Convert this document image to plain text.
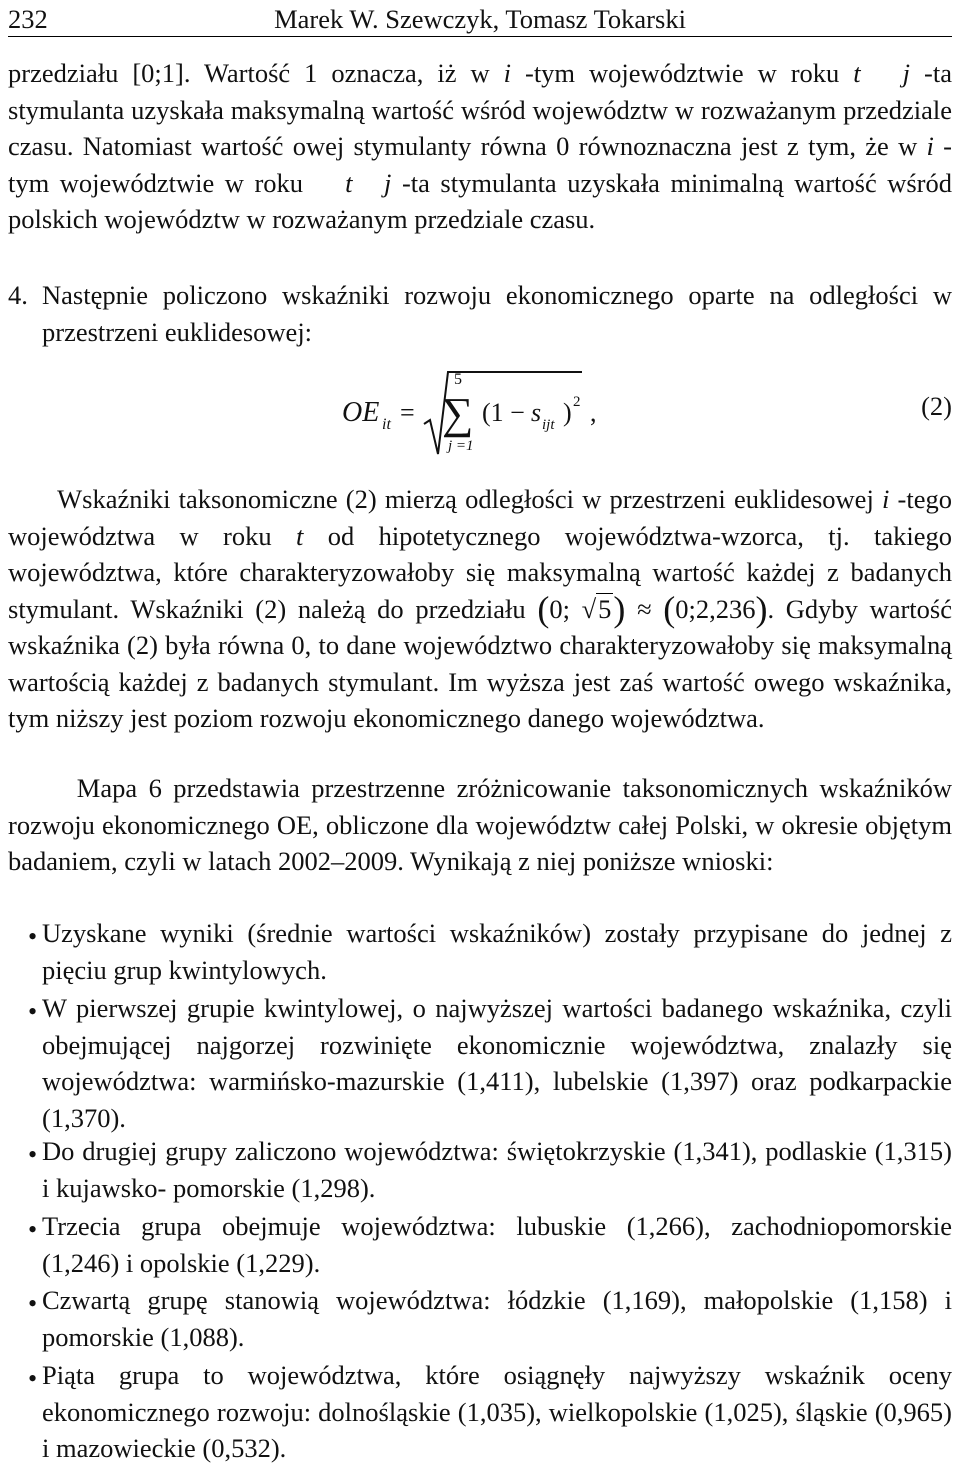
232	Marek W. Szewczyk, Tomasz Tokarski
przedziału [0;1]. Wartość 1 oznacza, iż w i -tym województwie w roku t j -ta stymulanta uzyskała maksymalną wartość wśród województw w rozważanym przedziale czasu. Natomiast wartość owej stymulanty równa 0 równoznaczna jest z tym, że w i -tym województwie w roku    t j -ta stymulanta uzyskała minimalną wartość wśród polskich województw w rozważanym przedziale czasu.
4. Następnie policzono wskaźniki rozwoju ekonomicznego oparte na odległości w przestrzeni euklidesowej:
OE it =
5
∑
j =1
(1 − s ijt ) 2 ,	(2)
Wskaźniki taksonomiczne (2) mierzą odległości w przestrzeni euklidesowej i -tego województwa w roku t od hipotetycznego województwa-wzorca, tj. takiego województwa, które charakteryzowałoby się maksymalną wartość każdej z badanych stymulant. Wskaźniki (2) należą do przedziału (0; √5) ≈ (0;2,236). Gdyby wartość wskaźnika (2) była równa 0, to dane województwo charakteryzowałoby się maksymalną wartością każdej z badanych stymulant. Im wyższa jest zaś wartość owego wskaźnika, tym niższy jest poziom rozwoju ekonomicznego danego województwa.
Mapa 6 przedstawia przestrzenne zróżnicowanie taksonomicznych wskaźników rozwoju ekonomicznego OE, obliczone dla województw całej Polski, w okresie objętym badaniem, czyli w latach 2002–2009. Wynikają z niej poniższe wnioski:
• Uzyskane wyniki (średnie wartości wskaźników) zostały przypisane do jednej z pięciu grup kwintylowych.
• W pierwszej grupie kwintylowej, o najwyższej wartości badanego wskaźnika, czyli obejmującej najgorzej rozwinięte ekonomicznie województwa, znalazły się województwa: warmińsko-mazurskie (1,411), lubelskie (1,397) oraz podkarpackie (1,370).
• Do drugiej grupy zaliczono województwa: świętokrzyskie (1,341), podlaskie (1,315) i kujawsko- pomorskie (1,298).
• Trzecia grupa obejmuje województwa: lubuskie (1,266), zachodniopomorskie (1,246) i opolskie (1,229).
• Czwartą grupę stanowią województwa: łódzkie (1,169), małopolskie (1,158) i pomorskie (1,088).
• Piąta grupa to województwa, które osiągnęły najwyższy wskaźnik oceny ekonomicznego rozwoju: dolnośląskie (1,035), wielkopolskie (1,025), śląskie (0,965) i mazowieckie (0,532).
